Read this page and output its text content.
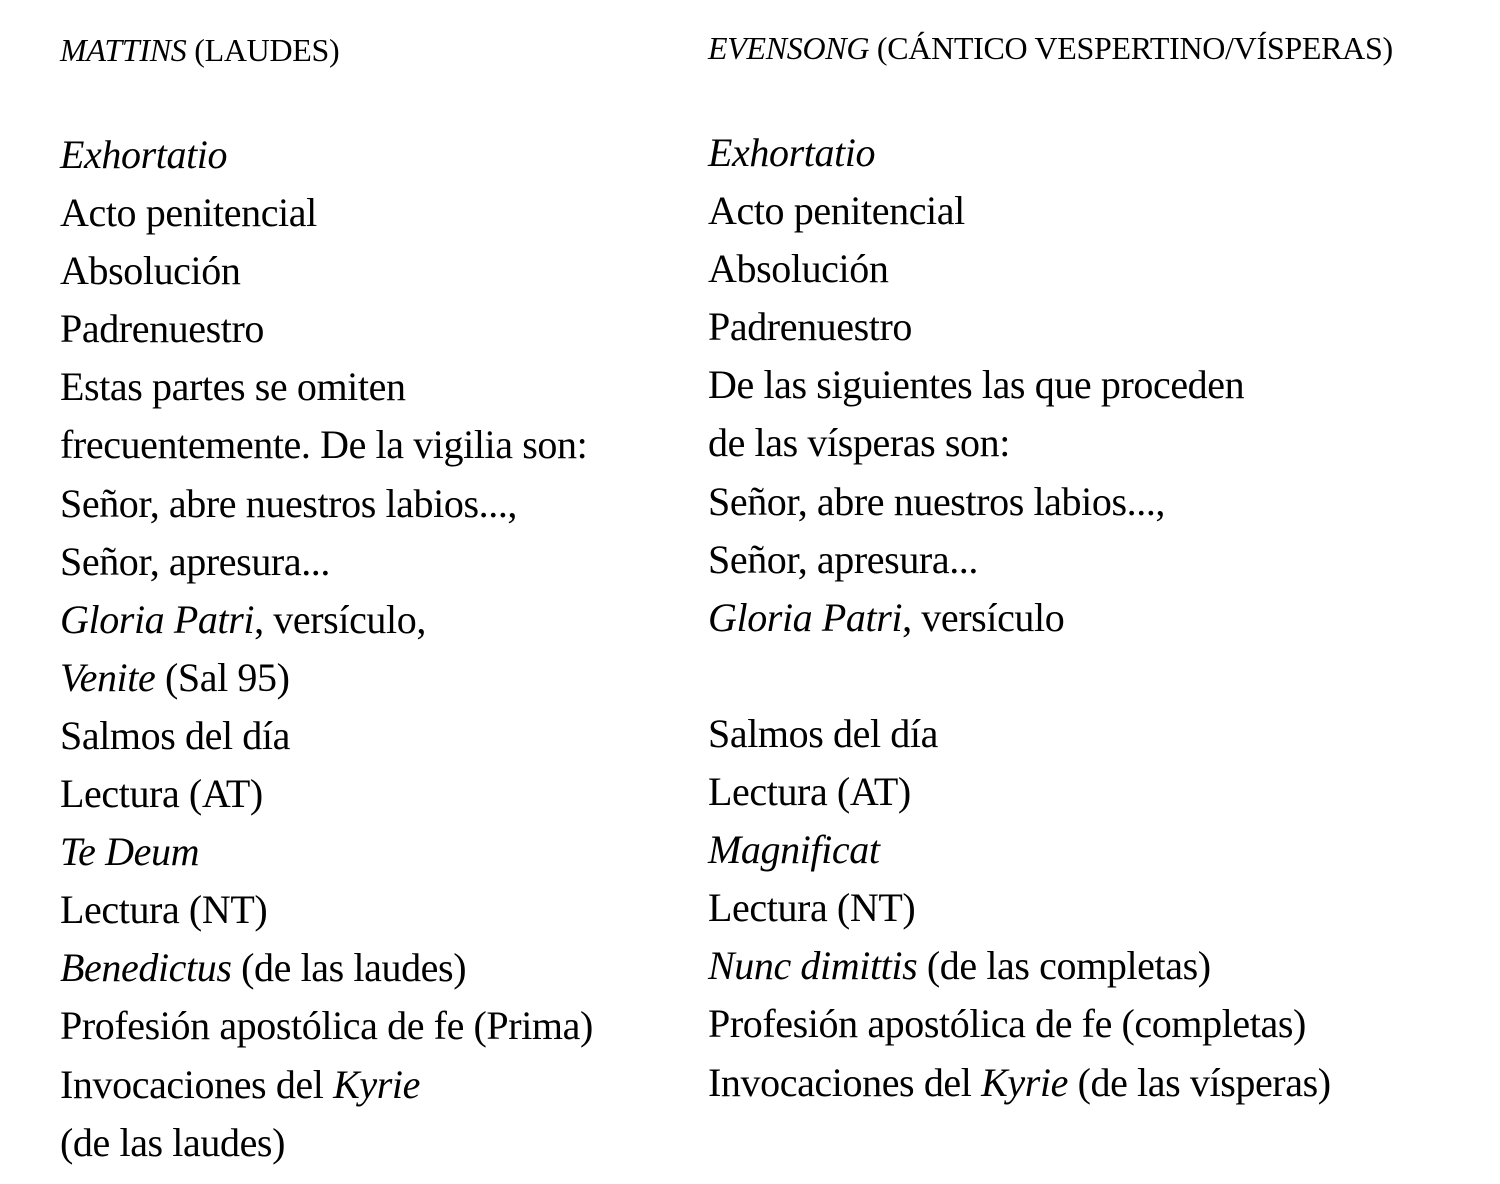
MATTINS (LAUDES)
Exhortatio
Acto penitencial
Absolución
Padrenuestro
Estas partes se omiten
frecuentemente. De la vigilia son:
Señor, abre nuestros labios...,
Señor, apresura...
Gloria Patri, versículo,
Venite (Sal 95)
Salmos del día
Lectura (AT)
Te Deum
Lectura (NT)
Benedictus (de las laudes)
Profesión apostólica de fe (Prima)
Invocaciones del Kyrie
(de las laudes)
EVENSONG (CÁNTICO VESPERTINO/VÍSPERAS)
Exhortatio
Acto penitencial
Absolución
Padrenuestro
De las siguientes las que proceden
de las vísperas son:
Señor, abre nuestros labios...,
Señor, apresura...
Gloria Patri, versículo
Salmos del día
Lectura (AT)
Magnificat
Lectura (NT)
Nunc dimittis (de las completas)
Profesión apostólica de fe (completas)
Invocaciones del Kyrie (de las vísperas)
